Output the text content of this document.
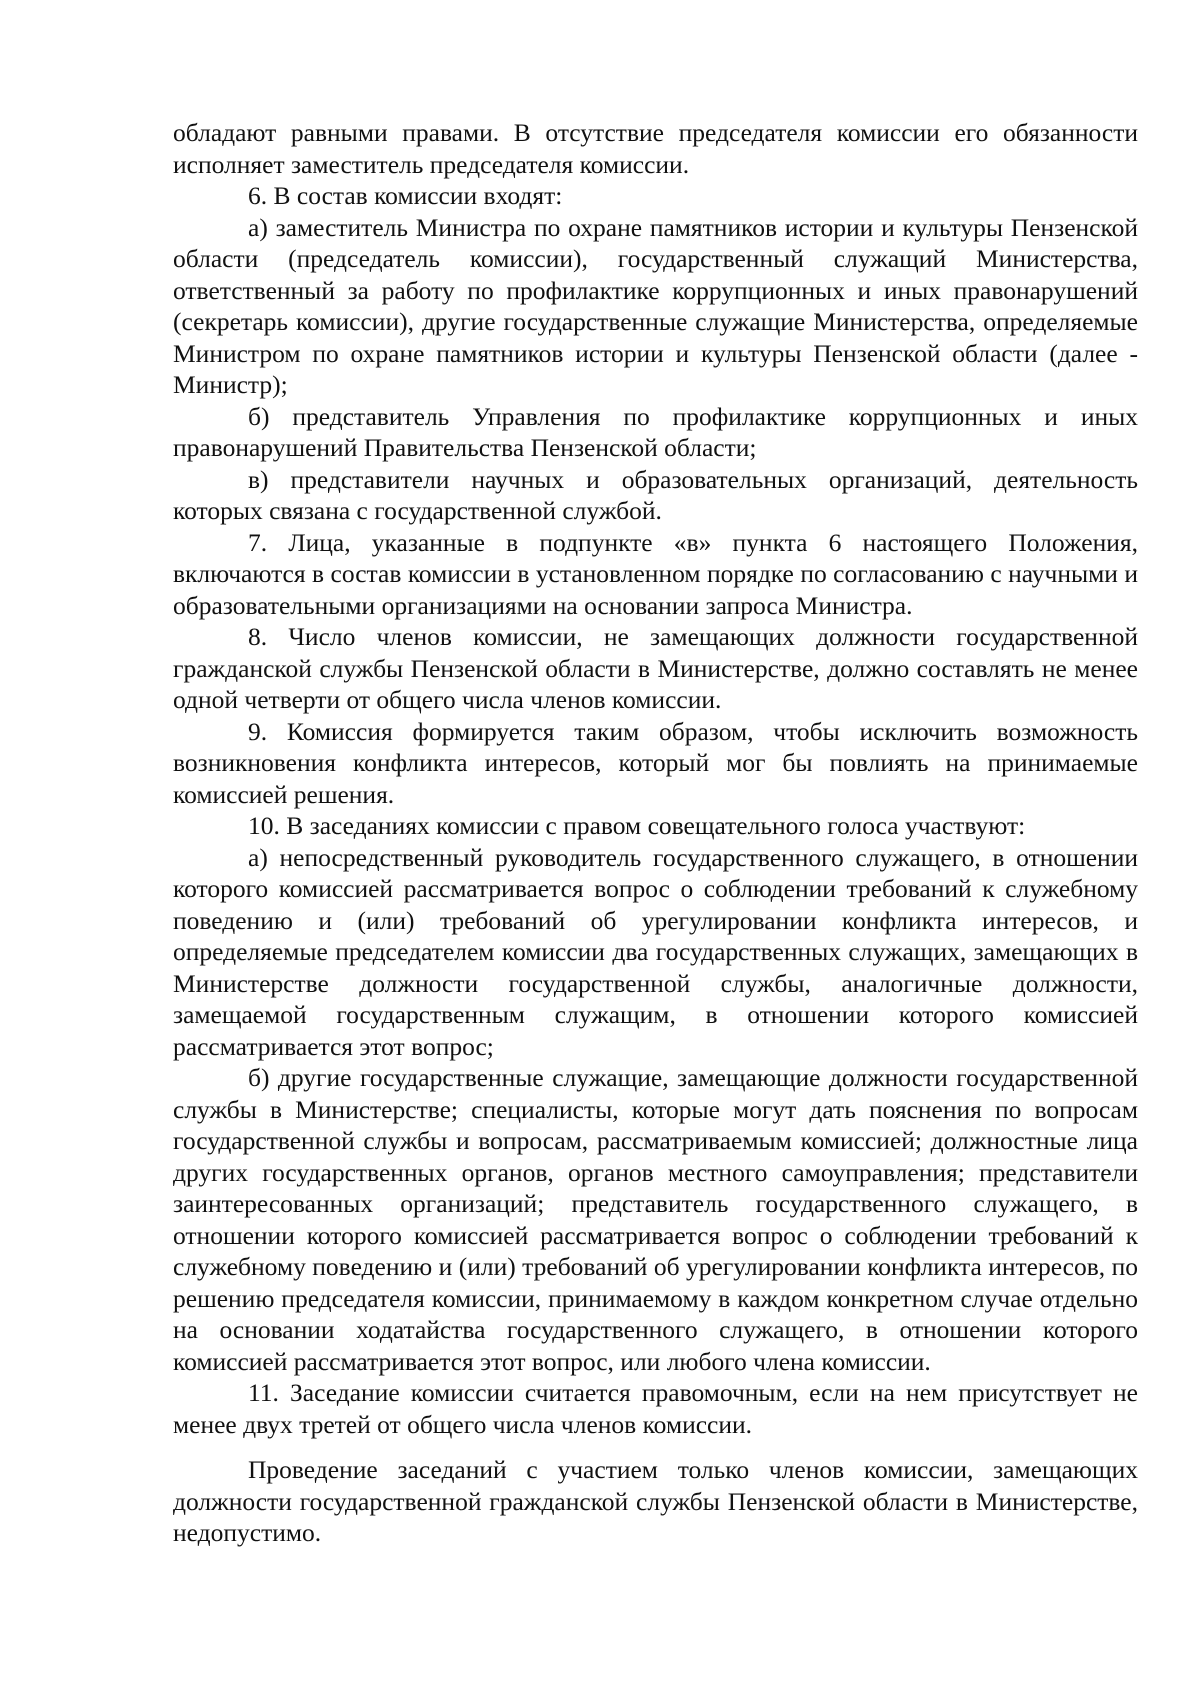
обладают равными правами. В отсутствие председателя комиссии его обязанности исполняет заместитель председателя комиссии.

6. В состав комиссии входят:

а) заместитель Министра по охране памятников истории и культуры Пензенской области (председатель комиссии), государственный служащий Министерства, ответственный за работу по профилактике коррупционных и иных правонарушений (секретарь комиссии), другие государственные служащие Министерства, определяемые Министром по охране памятников истории и культуры Пензенской области (далее - Министр);

б) представитель Управления по профилактике коррупционных и иных правонарушений Правительства Пензенской области;

в) представители научных и образовательных организаций, деятельность которых связана с государственной службой.

7. Лица, указанные в подпункте «в» пункта 6 настоящего Положения, включаются в состав комиссии в установленном порядке по согласованию с научными и образовательными организациями на основании запроса Министра.

8. Число членов комиссии, не замещающих должности государственной гражданской службы Пензенской области в Министерстве, должно составлять не менее одной четверти от общего числа членов комиссии.

9. Комиссия формируется таким образом, чтобы исключить возможность возникновения конфликта интересов, который мог бы повлиять на принимаемые комиссией решения.

10. В заседаниях комиссии с правом совещательного голоса участвуют:

а) непосредственный руководитель государственного служащего, в отношении которого комиссией рассматривается вопрос о соблюдении требований к служебному поведению и (или) требований об урегулировании конфликта интересов, и определяемые председателем комиссии два государственных служащих, замещающих в Министерстве должности государственной службы, аналогичные должности, замещаемой государственным служащим, в отношении которого комиссией рассматривается этот вопрос;

б) другие государственные служащие, замещающие должности государственной службы в Министерстве; специалисты, которые могут дать пояснения по вопросам государственной службы и вопросам, рассматриваемым комиссией; должностные лица других государственных органов, органов местного самоуправления; представители заинтересованных организаций; представитель государственного служащего, в отношении которого комиссией рассматривается вопрос о соблюдении требований к служебному поведению и (или) требований об урегулировании конфликта интересов, по решению председателя комиссии, принимаемому в каждом конкретном случае отдельно на основании ходатайства государственного служащего, в отношении которого комиссией рассматривается этот вопрос, или любого члена комиссии.

11. Заседание комиссии считается правомочным, если на нем присутствует не менее двух третей от общего числа членов комиссии.

Проведение заседаний с участием только членов комиссии, замещающих должности государственной гражданской службы Пензенской области в Министерстве, недопустимо.
